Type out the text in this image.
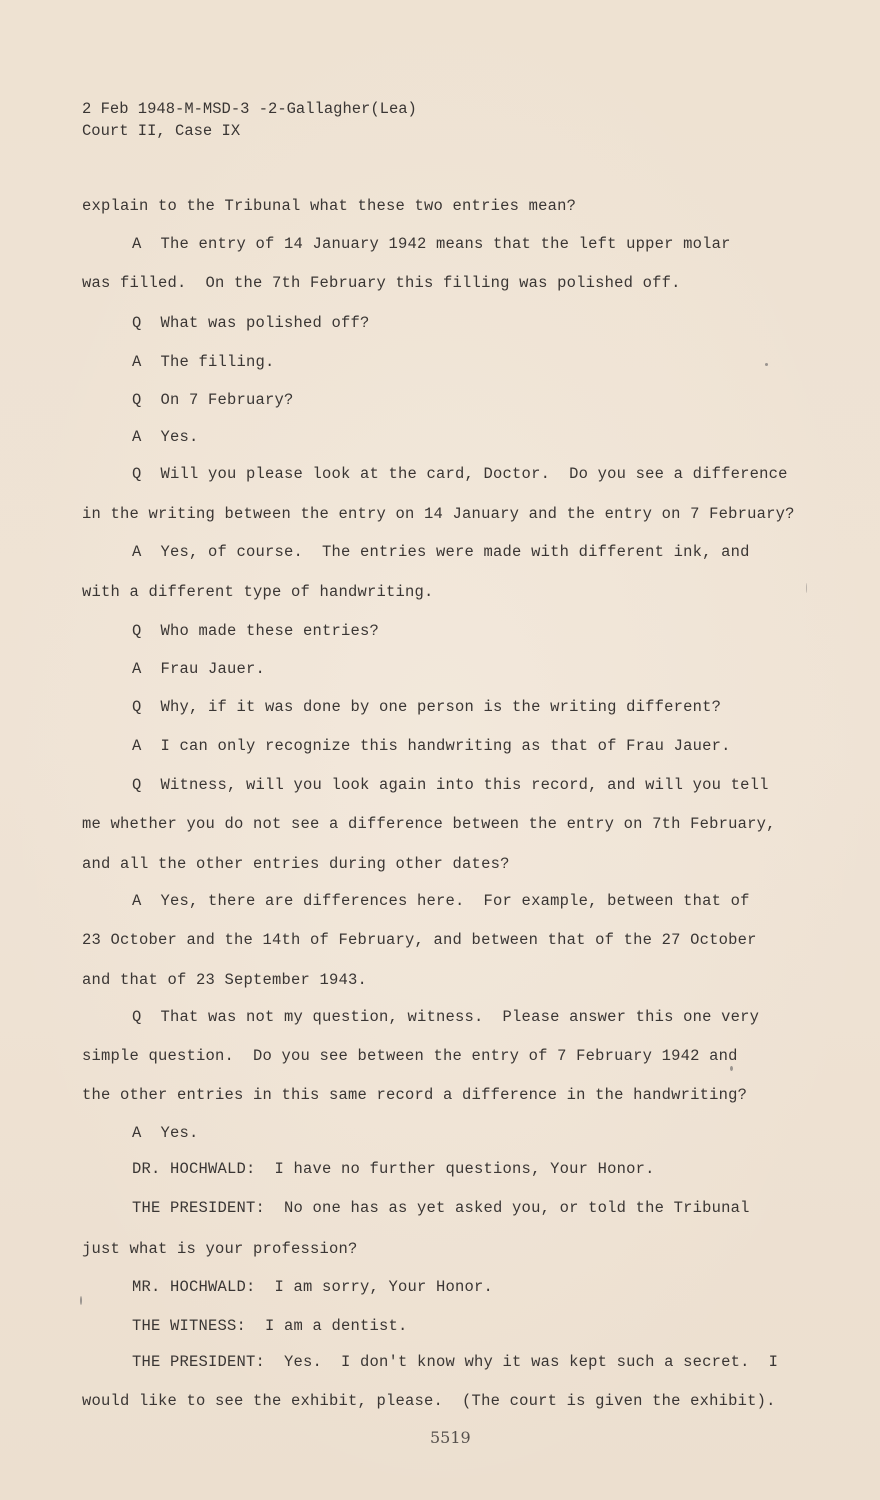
2 Feb 1948-M-MSD-3 -2-Gallagher(Lea)
Court II, Case IX
explain to the Tribunal what these two entries mean?
A  The entry of 14 January 1942 means that the left upper molar
was filled.  On the 7th February this filling was polished off.
Q  What was polished off?
A  The filling.
Q  On 7 February?
A  Yes.
Q  Will you please look at the card, Doctor.  Do you see a difference
in the writing between the entry on 14 January and the entry on 7 February?
A  Yes, of course.  The entries were made with different ink, and
with a different type of handwriting.
Q  Who made these entries?
A  Frau Jauer.
Q  Why, if it was done by one person is the writing different?
A  I can only recognize this handwriting as that of Frau Jauer.
Q  Witness, will you look again into this record, and will you tell
me whether you do not see a difference between the entry on 7th February,
and all the other entries during other dates?
A  Yes, there are differences here.  For example, between that of
23 October and the 14th of February, and between that of the 27 October
and that of 23 September 1943.
Q  That was not my question, witness.  Please answer this one very
simple question.  Do you see between the entry of 7 February 1942 and
the other entries in this same record a difference in the handwriting?
A  Yes.
DR. HOCHWALD:  I have no further questions, Your Honor.
THE PRESIDENT:  No one has as yet asked you, or told the Tribunal
just what is your profession?
MR. HOCHWALD:  I am sorry, Your Honor.
THE WITNESS:  I am a dentist.
THE PRESIDENT:  Yes.  I don't know why it was kept such a secret.  I
would like to see the exhibit, please.  (The court is given the exhibit).
5519
